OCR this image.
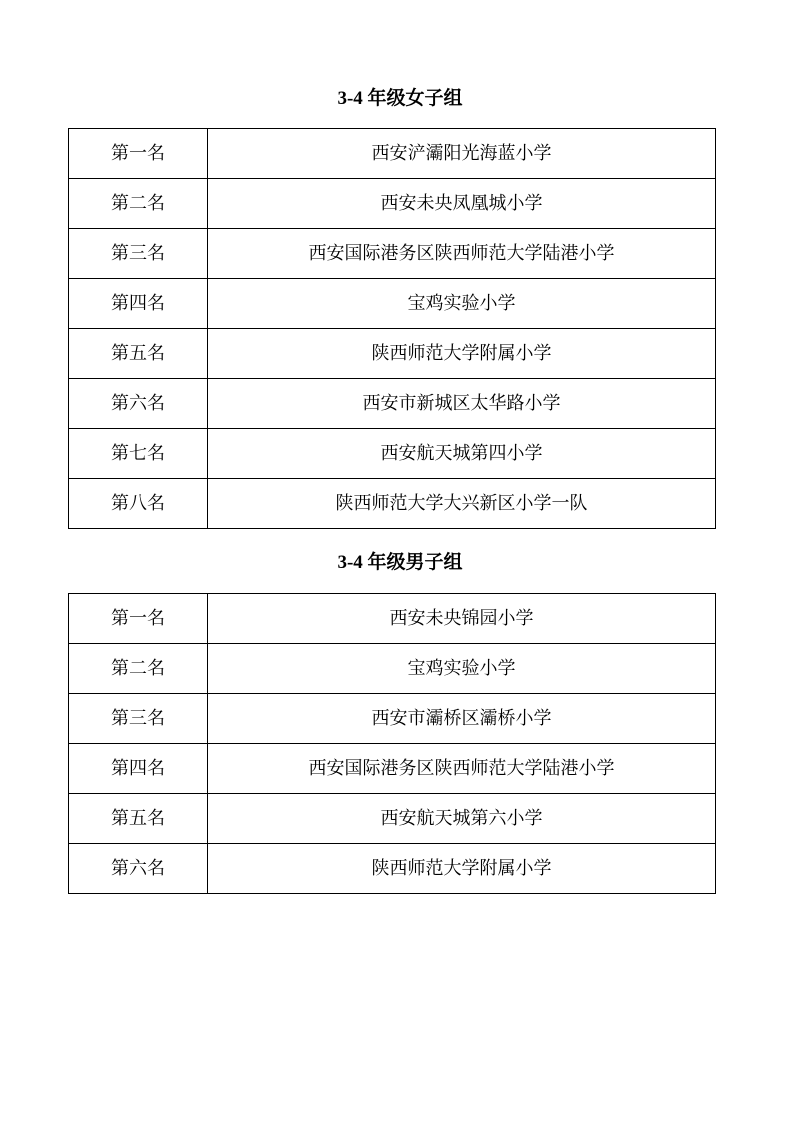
3-4 年级女子组
第一名	西安浐灞阳光海蓝小学
第二名	西安未央凤凰城小学
第三名	西安国际港务区陕西师范大学陆港小学
第四名	宝鸡实验小学
第五名	陕西师范大学附属小学
第六名	西安市新城区太华路小学
第七名	西安航天城第四小学
第八名	陕西师范大学大兴新区小学一队
3-4 年级男子组
第一名	西安未央锦园小学
第二名	宝鸡实验小学
第三名	西安市灞桥区灞桥小学
第四名	西安国际港务区陕西师范大学陆港小学
第五名	西安航天城第六小学
第六名	陕西师范大学附属小学
